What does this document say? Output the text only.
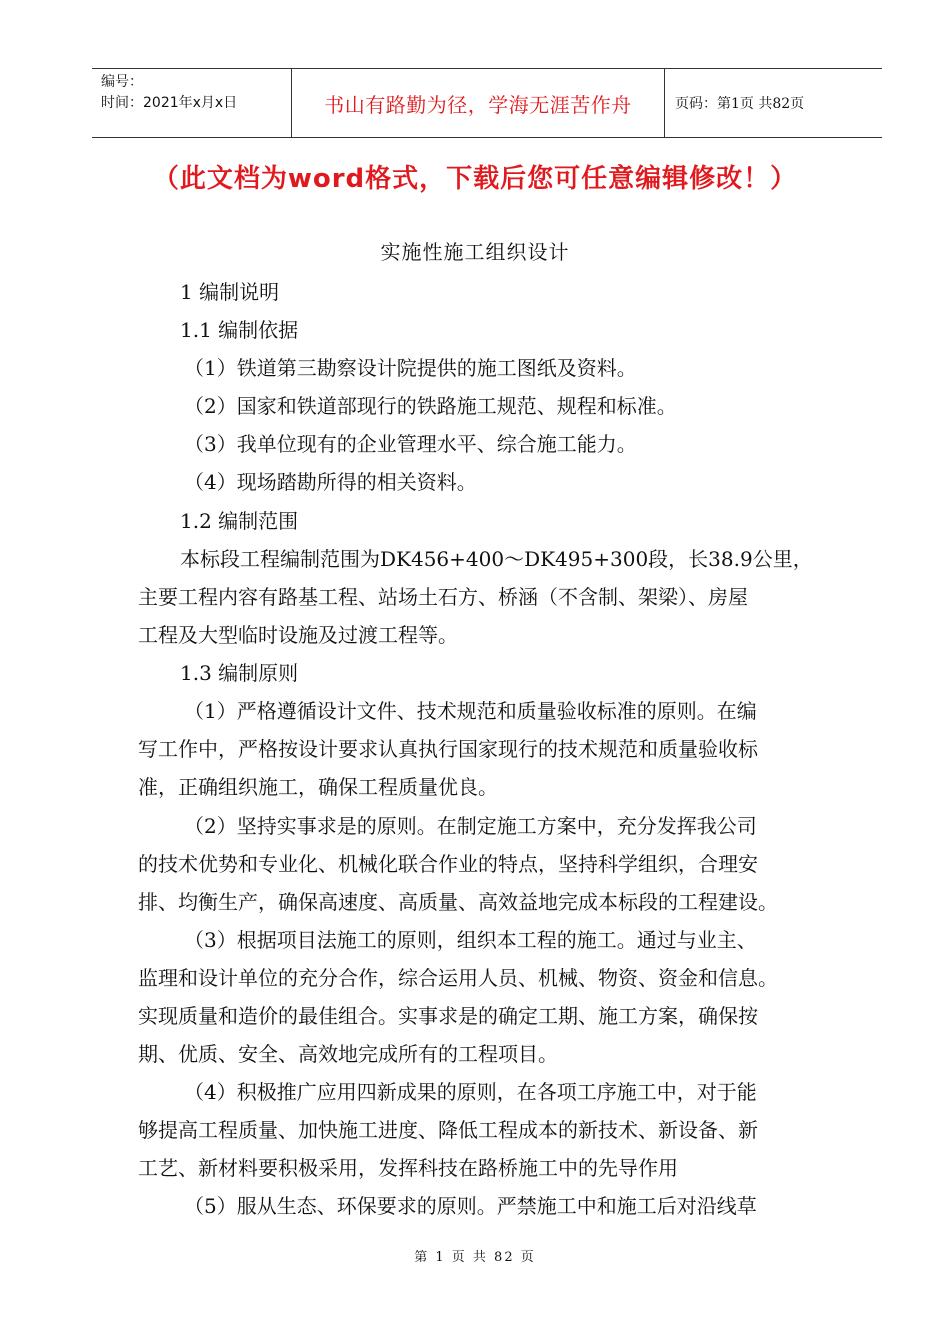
编号：
时间：2021年x月x日	书山有路勤为径，学海无涯苦作舟	页码：第1页 共82页
（此文档为word格式，下载后您可任意编辑修改！）
实施性施工组织设计
1 编制说明
1.1 编制依据
（1）铁道第三勘察设计院提供的施工图纸及资料。
（2）国家和铁道部现行的铁路施工规范、规程和标准。
（3）我单位现有的企业管理水平、综合施工能力。
（4）现场踏勘所得的相关资料。
1.2 编制范围
本标段工程编制范围为DK456+400～DK495+300段，长38.9公里，
主要工程内容有路基工程、站场土石方、桥涵（不含制、架梁）、房屋
工程及大型临时设施及过渡工程等。
1.3 编制原则
（1）严格遵循设计文件、技术规范和质量验收标准的原则。在编
写工作中，严格按设计要求认真执行国家现行的技术规范和质量验收标
准，正确组织施工，确保工程质量优良。
（2）坚持实事求是的原则。在制定施工方案中，充分发挥我公司
的技术优势和专业化、机械化联合作业的特点，坚持科学组织，合理安
排、均衡生产，确保高速度、高质量、高效益地完成本标段的工程建设。
（3）根据项目法施工的原则，组织本工程的施工。通过与业主、
监理和设计单位的充分合作，综合运用人员、机械、物资、资金和信息。
实现质量和造价的最佳组合。实事求是的确定工期、施工方案，确保按
期、优质、安全、高效地完成所有的工程项目。
（4）积极推广应用四新成果的原则，在各项工序施工中，对于能
够提高工程质量、加快施工进度、降低工程成本的新技术、新设备、新
工艺、新材料要积极采用，发挥科技在路桥施工中的先导作用
（5）服从生态、环保要求的原则。严禁施工中和施工后对沿线草
第 1 页 共 82 页
